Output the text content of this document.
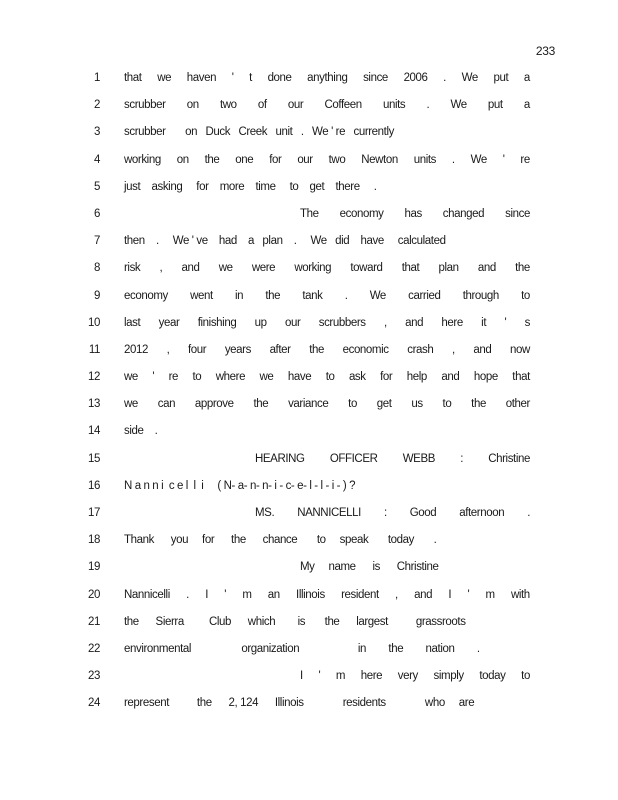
233
1 that we haven ' t done anything since 2006 . We put a
2 scrubber on two of our Coffeen units . We put a
3 scrubber       on   Duck   Creek   unit   .   We ' re   currently
4 working on the one for our two Newton units . We ' re
5 just    asking     for    more    time     to    get    there     .
6	The economy has changed since
7 then    .     We ' ve    had    a   plan    .     We   did    have     calculated
8 risk , and we were working toward that plan and the
9 economy went in the tank . We carried through to
10 last year finishing up our scrubbers , and here it ' s
11 2012 , four years after the economic crash , and now
12 we ' re to where we have to ask for help and hope that
13 we can approve the variance to get us to the other
14 side    .
15	HEARING OFFICER WEBB : Christine
16 N a n n i  c e l  l  i     ( N- a- n- n- i - c- e- l - l - i - ) ?
17	MS. NANNICELLI : Good afternoon .
18 Thank      you     for      the      chance       to     speak       today       .
19	My     name      is      Christine
20 Nannicelli . I ' m an Illinois resident , and I ' m with
21 the      Sierra         Club      which        is       the      largest          grassroots
22 environmental                  organization                     in        the        nation        .
23	I ' m here very simply today to
24 represent          the      2, 124      Illinois              residents              who     are
